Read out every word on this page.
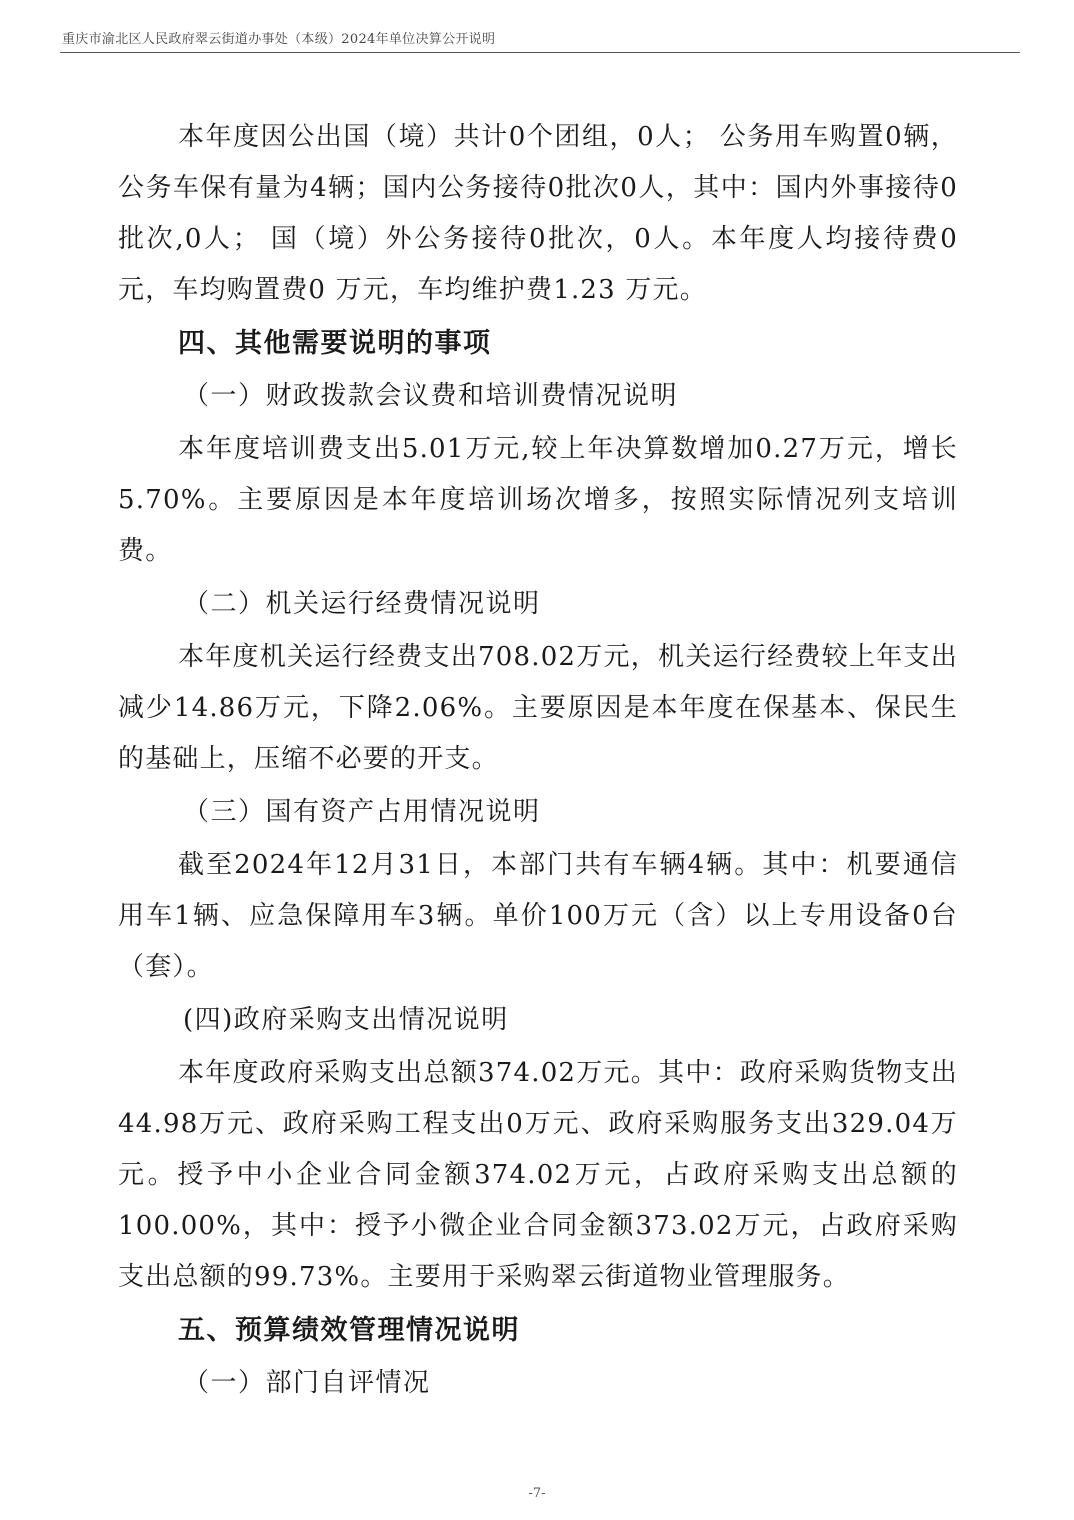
重庆市渝北区人民政府翠云街道办事处（本级）2024年单位决算公开说明

本年度因公出国（境）共计0个团组，0人； 公务用车购置0辆，公务车保有量为4辆；国内公务接待0批次0人，其中：国内外事接待0批次,0人； 国（境）外公务接待0批次，0人。本年度人均接待费0元，车均购置费0 万元，车均维护费1.23 万元。

四、其他需要说明的事项

（一）财政拨款会议费和培训费情况说明

本年度培训费支出5.01万元,较上年决算数增加0.27万元，增长5.70%。主要原因是本年度培训场次增多，按照实际情况列支培训费。

（二）机关运行经费情况说明

本年度机关运行经费支出708.02万元，机关运行经费较上年支出减少14.86万元，下降2.06%。主要原因是本年度在保基本、保民生的基础上，压缩不必要的开支。

（三）国有资产占用情况说明

截至2024年12月31日，本部门共有车辆4辆。其中：机要通信用车1辆、应急保障用车3辆。单价100万元（含）以上专用设备0台（套）。

(四)政府采购支出情况说明

本年度政府采购支出总额374.02万元。其中：政府采购货物支出44.98万元、政府采购工程支出0万元、政府采购服务支出329.04万元。授予中小企业合同金额374.02万元，占政府采购支出总额的100.00%，其中：授予小微企业合同金额373.02万元，占政府采购支出总额的99.73%。主要用于采购翠云街道物业管理服务。

五、预算绩效管理情况说明

（一）部门自评情况

-7-
